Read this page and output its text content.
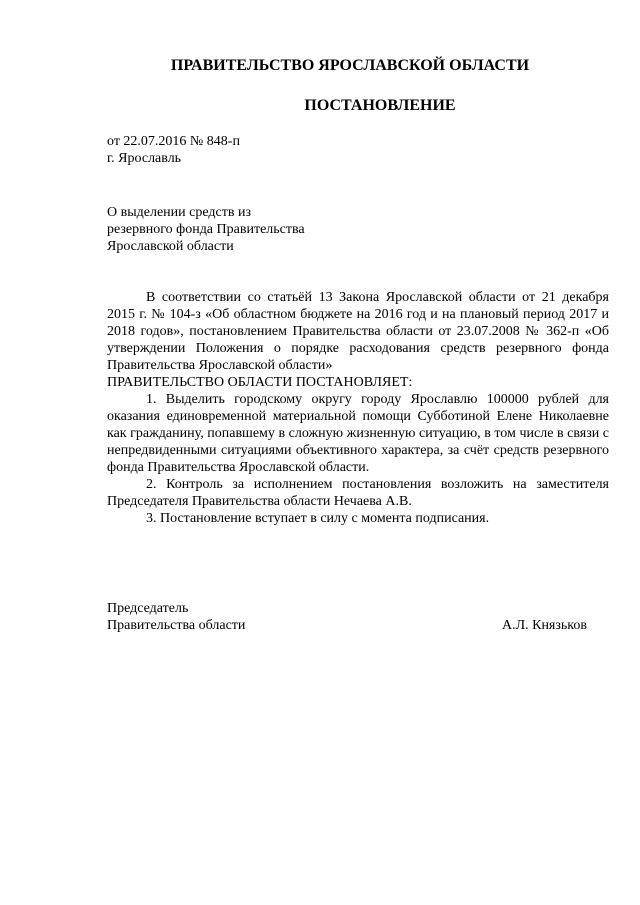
ПРАВИТЕЛЬСТВО ЯРОСЛАВСКОЙ ОБЛАСТИ
ПОСТАНОВЛЕНИЕ
от 22.07.2016 № 848-п
г. Ярославль
О выделении средств из
резервного фонда Правительства
Ярославской области

В соответствии со статьёй 13 Закона Ярославской области от 21 декабря 2015 г. № 104-з «Об областном бюджете на 2016 год и на плановый период 2017 и 2018 годов», постановлением Правительства области от 23.07.2008 № 362-п «Об утверждении Положения о порядке расходования средств резервного фонда Правительства Ярославской области»

ПРАВИТЕЛЬСТВО ОБЛАСТИ ПОСТАНОВЛЯЕТ:

1. Выделить городскому округу городу Ярославлю 100000 рублей для оказания единовременной материальной помощи Субботиной Елене Николаевне как гражданину, попавшему в сложную жизненную ситуацию, в том числе в связи с непредвиденными ситуациями объективного характера, за счёт средств резервного фонда Правительства Ярославской области.

2. Контроль за исполнением постановления возложить на заместителя Председателя Правительства области Нечаева А.В.

3. Постановление вступает в силу с момента подписания.

Председатель
Правительства области	А.Л. Князьков
